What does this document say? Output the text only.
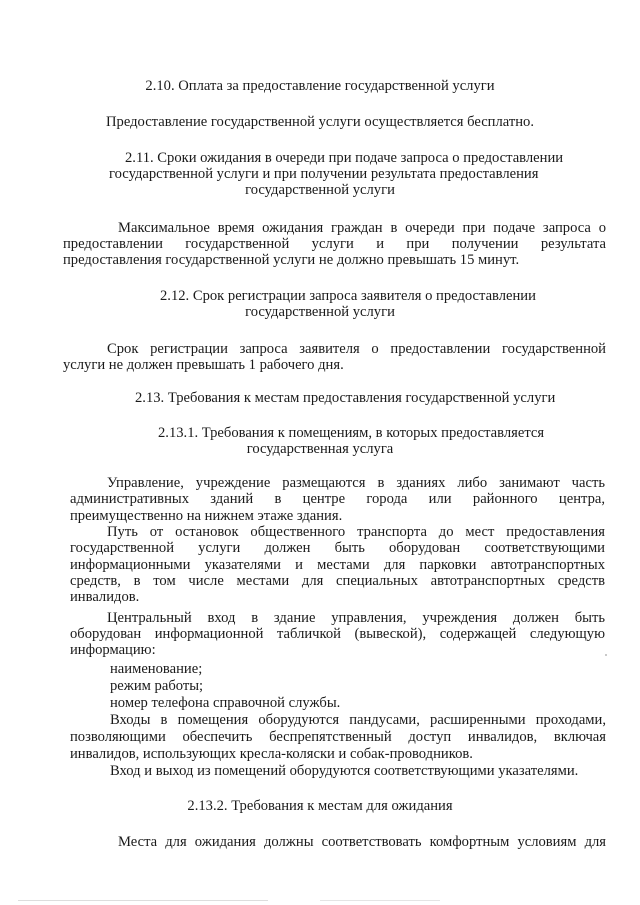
2.10. Оплата за предоставление государственной услуги
Предоставление государственной услуги осуществляется бесплатно.
2.11. Сроки ожидания в очереди при подаче запроса о предоставлении
государственной услуги и при получении результата предоставления
государственной услуги
Максимальное время ожидания граждан в очереди при подаче запроса о
предоставлении государственной услуги и при получении результата
предоставления государственной услуги не должно превышать 15 минут.
2.12. Срок регистрации запроса заявителя о предоставлении
государственной услуги
Срок регистрации запроса заявителя о предоставлении государственной
услуги не должен превышать 1 рабочего дня.
2.13. Требования к местам предоставления государственной услуги
2.13.1. Требования к помещениям, в которых предоставляется
государственная услуга
Управление, учреждение размещаются в зданиях либо занимают часть
административных зданий в центре города или районного центра,
преимущественно на нижнем этаже здания.
Путь от остановок общественного транспорта до мест предоставления
государственной услуги должен быть оборудован соответствующими
информационными указателями и местами для парковки автотранспортных
средств, в том числе местами для специальных автотранспортных средств
инвалидов.
Центральный вход в здание управления, учреждения должен быть
оборудован информационной табличкой (вывеской), содержащей следующую
информацию:
наименование;
режим работы;
номер телефона справочной службы.
Входы в помещения оборудуются пандусами, расширенными проходами,
позволяющими обеспечить беспрепятственный доступ инвалидов, включая
инвалидов, использующих кресла-коляски и собак-проводников.
Вход и выход из помещений оборудуются соответствующими указателями.
2.13.2. Требования к местам для ожидания
Места для ожидания должны соответствовать комфортным условиям для
